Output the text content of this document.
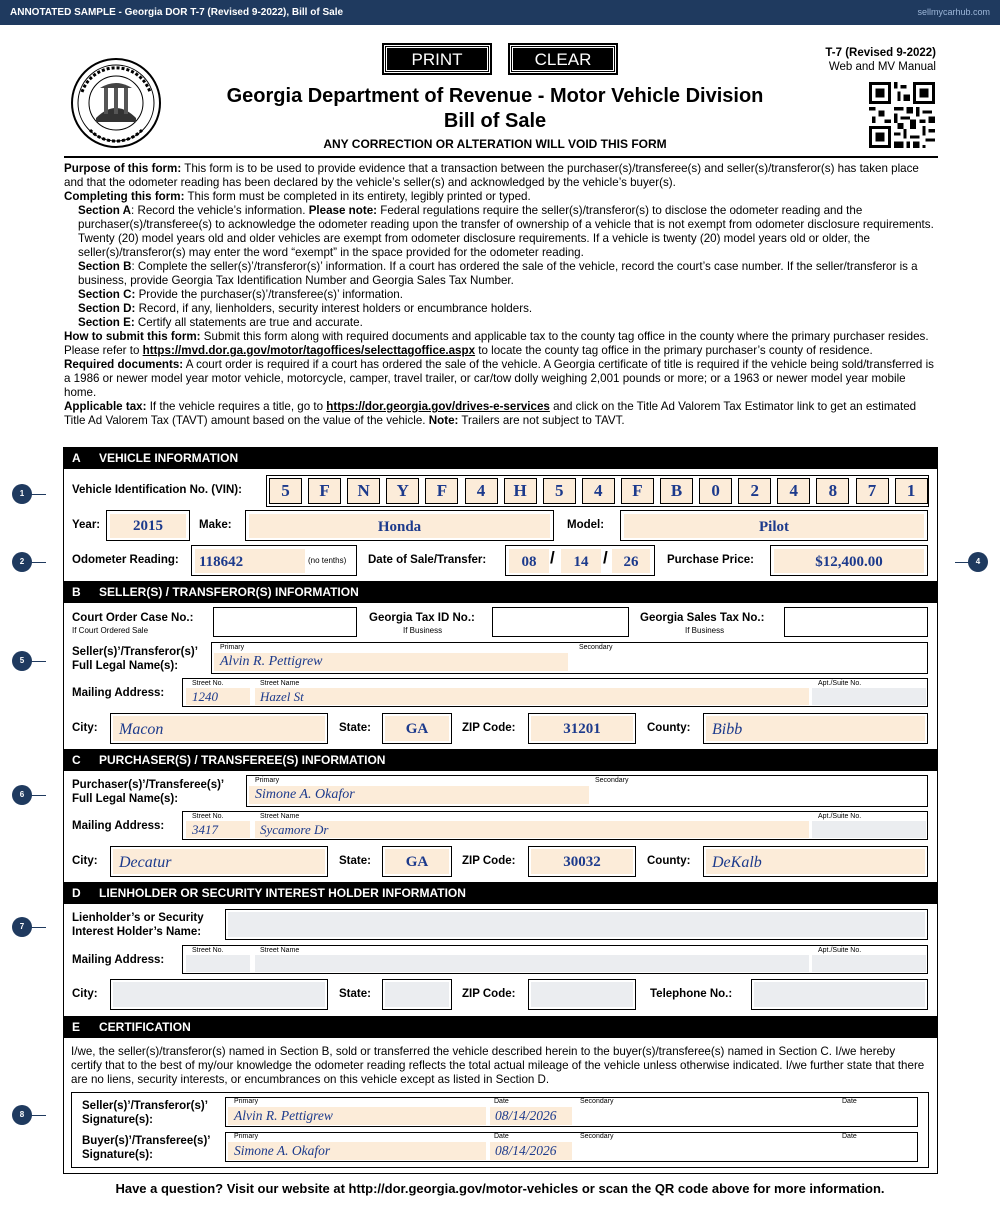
ANNOTATED SAMPLE - Georgia DOR T-7 (Revised 9-2022), Bill of Sale	sellmycarhub.com
PRINT	CLEAR
Georgia Department of Revenue - Motor Vehicle Division
Bill of Sale
ANY CORRECTION OR ALTERATION WILL VOID THIS FORM
T-7 (Revised 9-2022)
Web and MV Manual

Purpose of this form: This form is to be used to provide evidence that a transaction between the purchaser(s)/transferee(s) and seller(s)/transferor(s) has taken place and that the odometer reading has been declared by the vehicle’s seller(s) and acknowledged by the vehicle’s buyer(s).

Completing this form: This form must be completed in its entirety, legibly printed or typed.

Section A: Record the vehicle’s information. Please note: Federal regulations require the seller(s)/transferor(s) to disclose the odometer reading and the purchaser(s)/transferee(s) to acknowledge the odometer reading upon the transfer of ownership of a vehicle that is not exempt from odometer disclosure requirements. Twenty (20) model years old and older vehicles are exempt from odometer disclosure requirements. If a vehicle is twenty (20) model years old or older, the seller(s)/transferor(s) may enter the word “exempt” in the space provided for the odometer reading.

Section B: Complete the seller(s)’/transferor(s)’ information. If a court has ordered the sale of the vehicle, record the court’s case number. If the seller/transferor is a business, provide Georgia Tax Identification Number and Georgia Sales Tax Number.

Section C: Provide the purchaser(s)’/transferee(s)’ information.

Section D: Record, if any, lienholders, security interest holders or encumbrance holders.

Section E: Certify all statements are true and accurate.

How to submit this form: Submit this form along with required documents and applicable tax to the county tag office in the county where the primary purchaser resides. Please refer to https://mvd.dor.ga.gov/motor/tagoffices/selecttagoffice.aspx to locate the county tag office in the primary purchaser’s county of residence.

Required documents: A court order is required if a court has ordered the sale of the vehicle. A Georgia certificate of title is required if the vehicle being sold/transferred is a 1986 or newer model year motor vehicle, motorcycle, camper, travel trailer, or car/tow dolly weighing 2,001 pounds or more; or a 1963 or newer model year mobile home.

Applicable tax: If the vehicle requires a title, go to https://dor.georgia.gov/drives-e-services and click on the Title Ad Valorem Tax Estimator link to get an estimated Title Ad Valorem Tax (TAVT) amount based on the value of the vehicle. Note: Trailers are not subject to TAVT.

A VEHICLE INFORMATION
Vehicle Identification No. (VIN):	5	F	N	Y	F	4	H	5	4	F	B	0	2	4	8	7	1
Year:	2015	Make:	Honda	Model:	Pilot
Odometer Reading: 118642	(no tenths) Date of Sale/Transfer:	08 /	14 /	26	Purchase Price:	$12,400.00
B SELLER(S) / TRANSFEROR(S) INFORMATION
Court Order Case No.:
If Court Ordered Sale
Georgia Tax ID No.:
If Business
Georgia Sales Tax No.:
If Business
Seller(s)’/Transferor(s)’
Full Legal Name(s):
Primary	Secondary
Alvin R. Pettigrew
Mailing Address:
Street No.	Street Name	Apt./Suite No.
1240	Hazel St
City:	Macon	State:	GA	ZIP Code:	31201	County:	Bibb
C PURCHASER(S) / TRANSFEREE(S) INFORMATION
Purchaser(s)’/Transferee(s)’
Full Legal Name(s):
Primary	Secondary
Simone A. Okafor
Mailing Address:
Street No.	Street Name	Apt./Suite No.
3417	Sycamore Dr
City:	Decatur	State:	GA	ZIP Code:	30032	County:	DeKalb
D LIENHOLDER OR SECURITY INTEREST HOLDER INFORMATION
Lienholder’s or Security
Interest Holder’s Name:
Mailing Address:
Street No.	Street Name	Apt./Suite No.
City:	State:	ZIP Code:	Telephone No.:
E CERTIFICATION
I/we, the seller(s)/transferor(s) named in Section B, sold or transferred the vehicle described herein to the buyer(s)/transferee(s) named in Section C. I/we hereby certify that to the best of my/our knowledge the odometer reading reflects the total actual mileage of the vehicle unless otherwise indicated. I/we further state that there are no liens, security interests, or encumbrances on this vehicle except as listed in Section D.
Seller(s)’/Transferor(s)’
Signature(s):
Primary	Date	Secondary	Date
Alvin R. Pettigrew	08/14/2026
Buyer(s)’/Transferee(s)’
Signature(s):
Primary	Date	Secondary	Date
Simone A. Okafor	08/14/2026
1
2	4
5
6
7
8
Have a question? Visit our website at http://dor.georgia.gov/motor-vehicles or scan the QR code above for more information.
